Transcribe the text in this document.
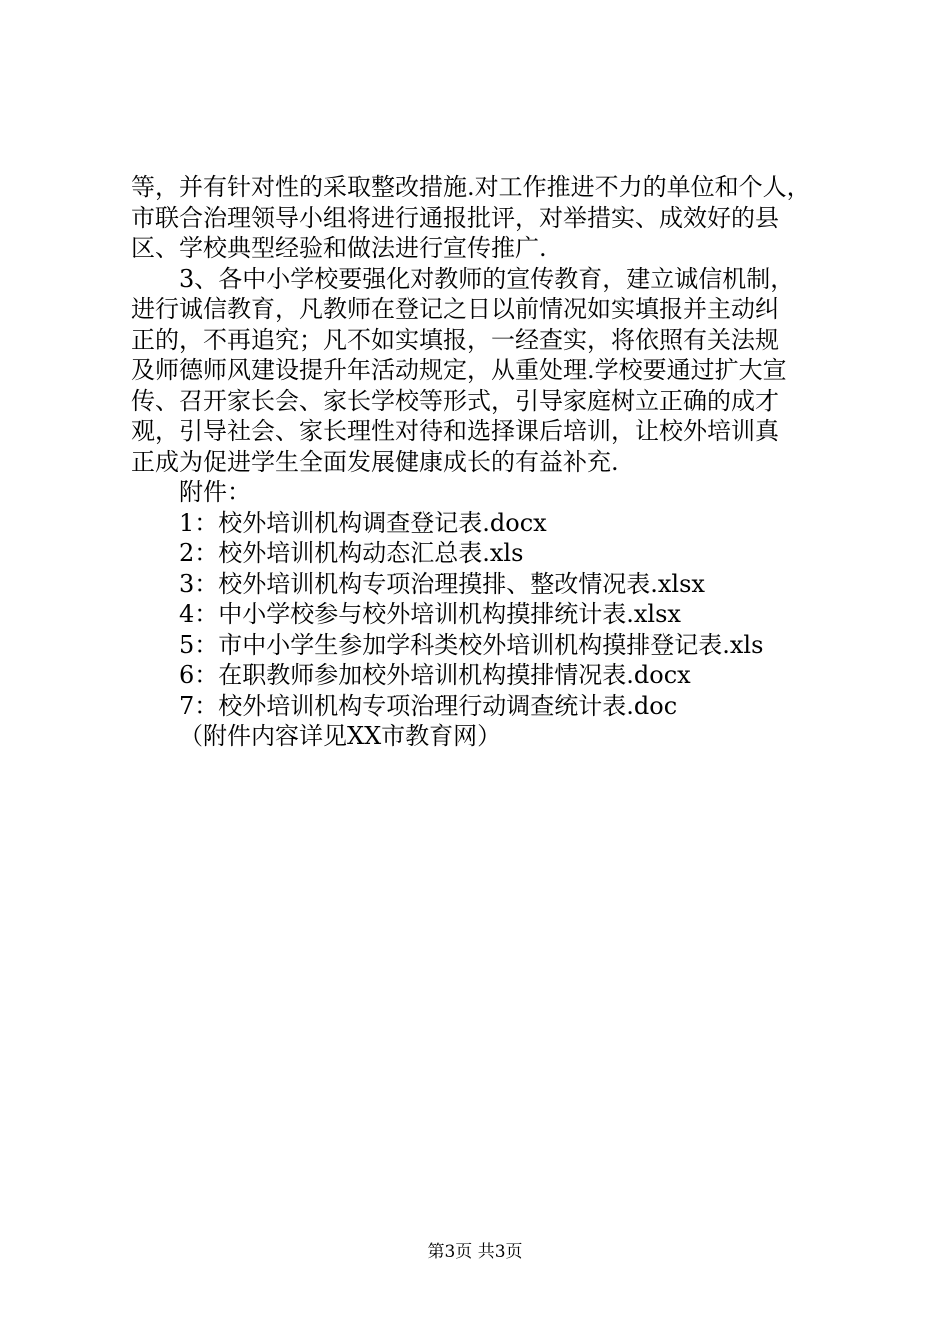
等，并有针对性的采取整改措施.对工作推进不力的单位和个人，

市联合治理领导小组将进行通报批评，对举措实、成效好的县

区、学校典型经验和做法进行宣传推广.

3、各中小学校要强化对教师的宣传教育，建立诚信机制，

进行诚信教育，凡教师在登记之日以前情况如实填报并主动纠

正的，不再追究；凡不如实填报，一经查实，将依照有关法规

及师德师风建设提升年活动规定，从重处理.学校要通过扩大宣

传、召开家长会、家长学校等形式，引导家庭树立正确的成才

观，引导社会、家长理性对待和选择课后培训，让校外培训真

正成为促进学生全面发展健康成长的有益补充.

附件：

1：校外培训机构调查登记表.docx

2：校外培训机构动态汇总表.xls

3：校外培训机构专项治理摸排、整改情况表.xlsx

4：中小学校参与校外培训机构摸排统计表.xlsx

5：市中小学生参加学科类校外培训机构摸排登记表.xls

6：在职教师参加校外培训机构摸排情况表.docx

7：校外培训机构专项治理行动调查统计表.doc

（附件内容详见XX市教育网）

第3页 共3页
